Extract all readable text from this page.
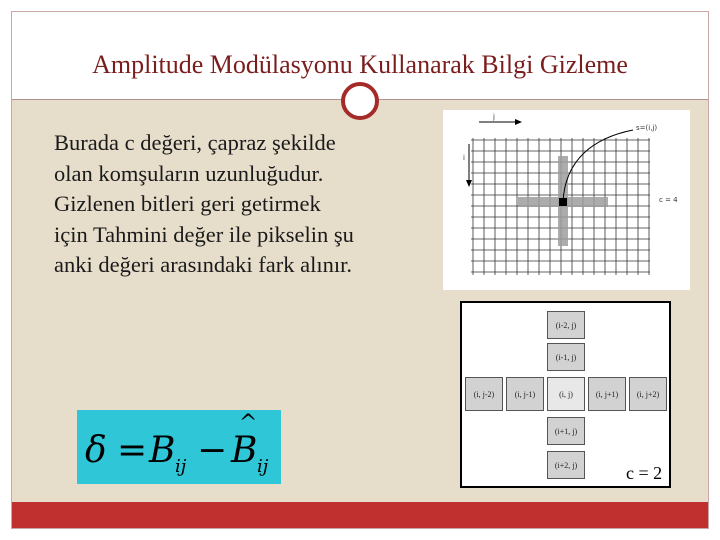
Amplitude Modülasyonu Kullanarak Bilgi Gizleme
Burada c değeri, çapraz şekilde olan komşuların uzunluğudur.
Gizlenen bitleri geri getirmek için Tahmini değer ile pikselin şu anki değeri arasındaki fark alınır.
δ = B ij − B
^
ij
j
i
s=(i,j)
c = 4
(i-2, j)
(i-1, j)
(i, j-2)	(i, j-1)	(i, j)	(i, j+1)	(i, j+2)
(i+1, j)
(i+2, j)	c = 2
